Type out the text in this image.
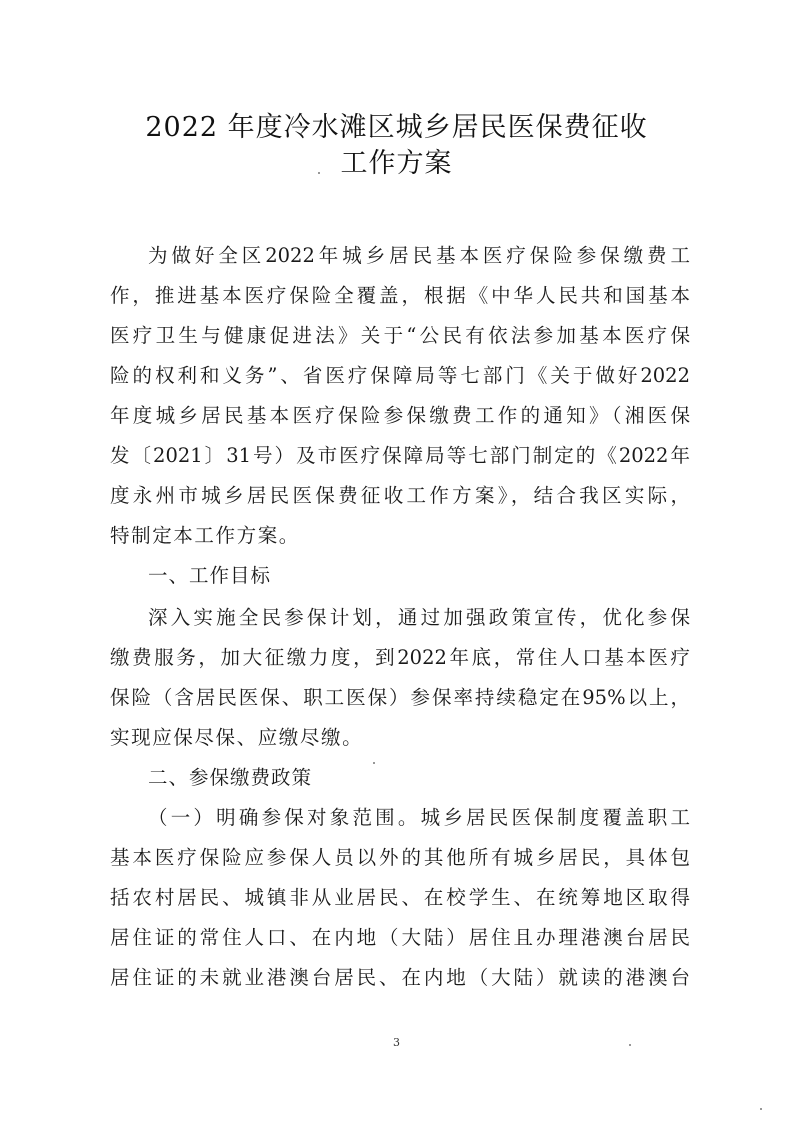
2022 年度冷水滩区城乡居民医保费征收
工作方案
为做好全区2022年城乡居民基本医疗保险参保缴费工
作，推进基本医疗保险全覆盖，根据《中华人民共和国基本
医疗卫生与健康促进法》关于“公民有依法参加基本医疗保
险的权利和义务”、省医疗保障局等七部门《关于做好2022
年度城乡居民基本医疗保险参保缴费工作的通知》（湘医保
发〔2021〕31号）及市医疗保障局等七部门制定的《2022年
度永州市城乡居民医保费征收工作方案》，结合我区实际，
特制定本工作方案。
一、工作目标
深入实施全民参保计划，通过加强政策宣传，优化参保
缴费服务，加大征缴力度，到2022年底，常住人口基本医疗
保险（含居民医保、职工医保）参保率持续稳定在95%以上，
实现应保尽保、应缴尽缴。
二、参保缴费政策
（一）明确参保对象范围。城乡居民医保制度覆盖职工
基本医疗保险应参保人员以外的其他所有城乡居民，具体包
括农村居民、城镇非从业居民、在校学生、在统筹地区取得
居住证的常住人口、在内地（大陆）居住且办理港澳台居民
居住证的未就业港澳台居民、在内地（大陆）就读的港澳台
3
